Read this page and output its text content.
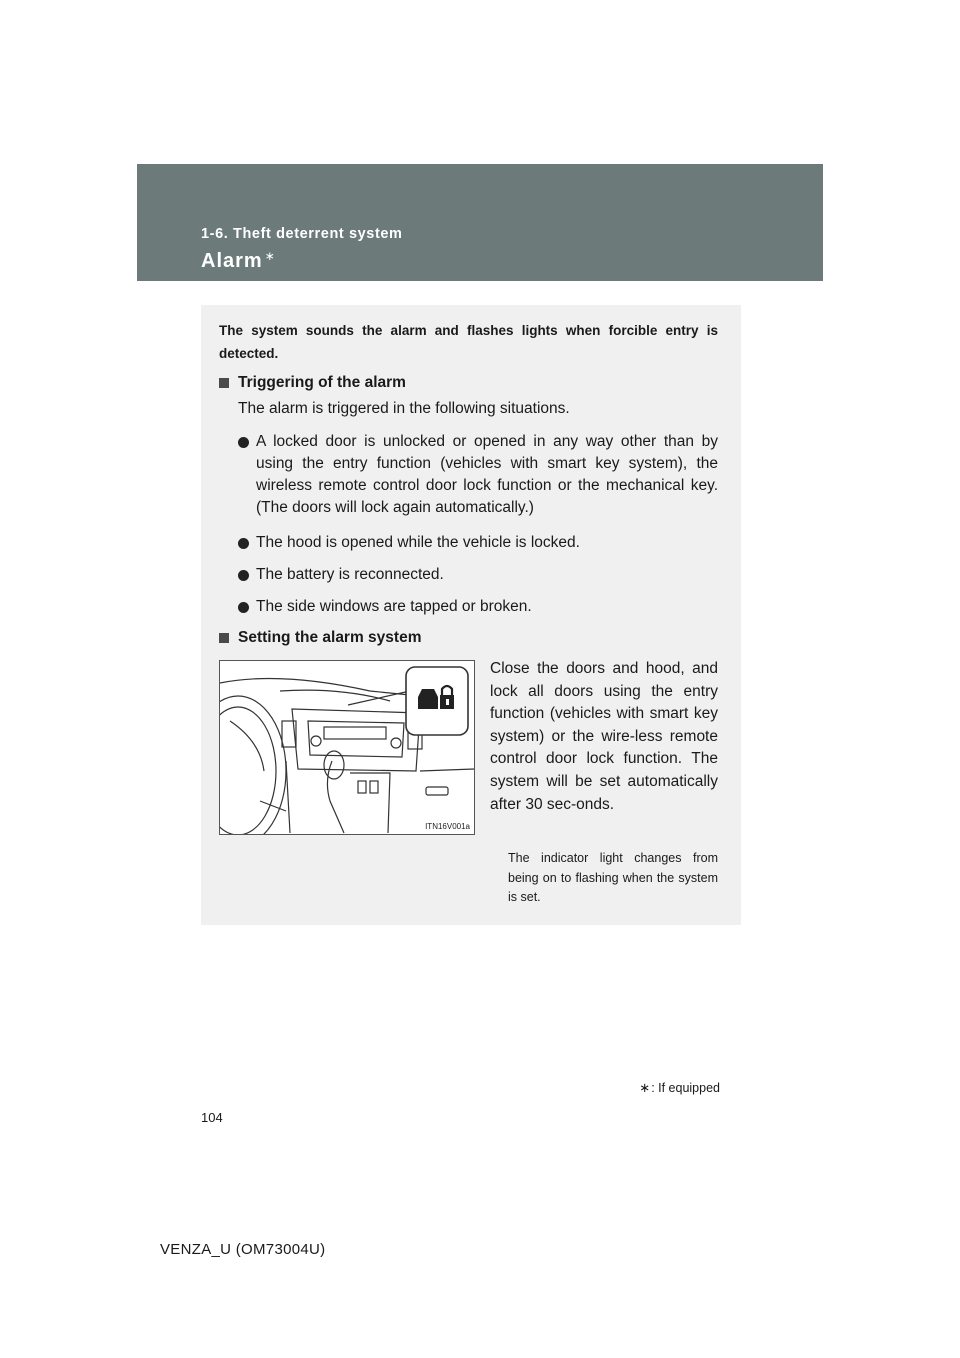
1-6. Theft deterrent system
Alarm ∗
The system sounds the alarm and flashes lights when forcible entry is detected.
Triggering of the alarm
The alarm is triggered in the following situations.
A locked door is unlocked or opened in any way other than by using the entry function (vehicles with smart key system), the wireless remote control door lock function or the mechanical key. (The doors will lock again automatically.)
The hood is opened while the vehicle is locked.
The battery is reconnected.
The side windows are tapped or broken.
Setting the alarm system
ITN16V001a
Close the doors and hood, and lock all doors using the entry function (vehicles with smart key system) or the wire-less remote control door lock function. The system will be set automatically after 30 sec-onds.
The indicator light changes from being on to flashing when the system is set.
∗: If equipped
104
VENZA_U (OM73004U)
